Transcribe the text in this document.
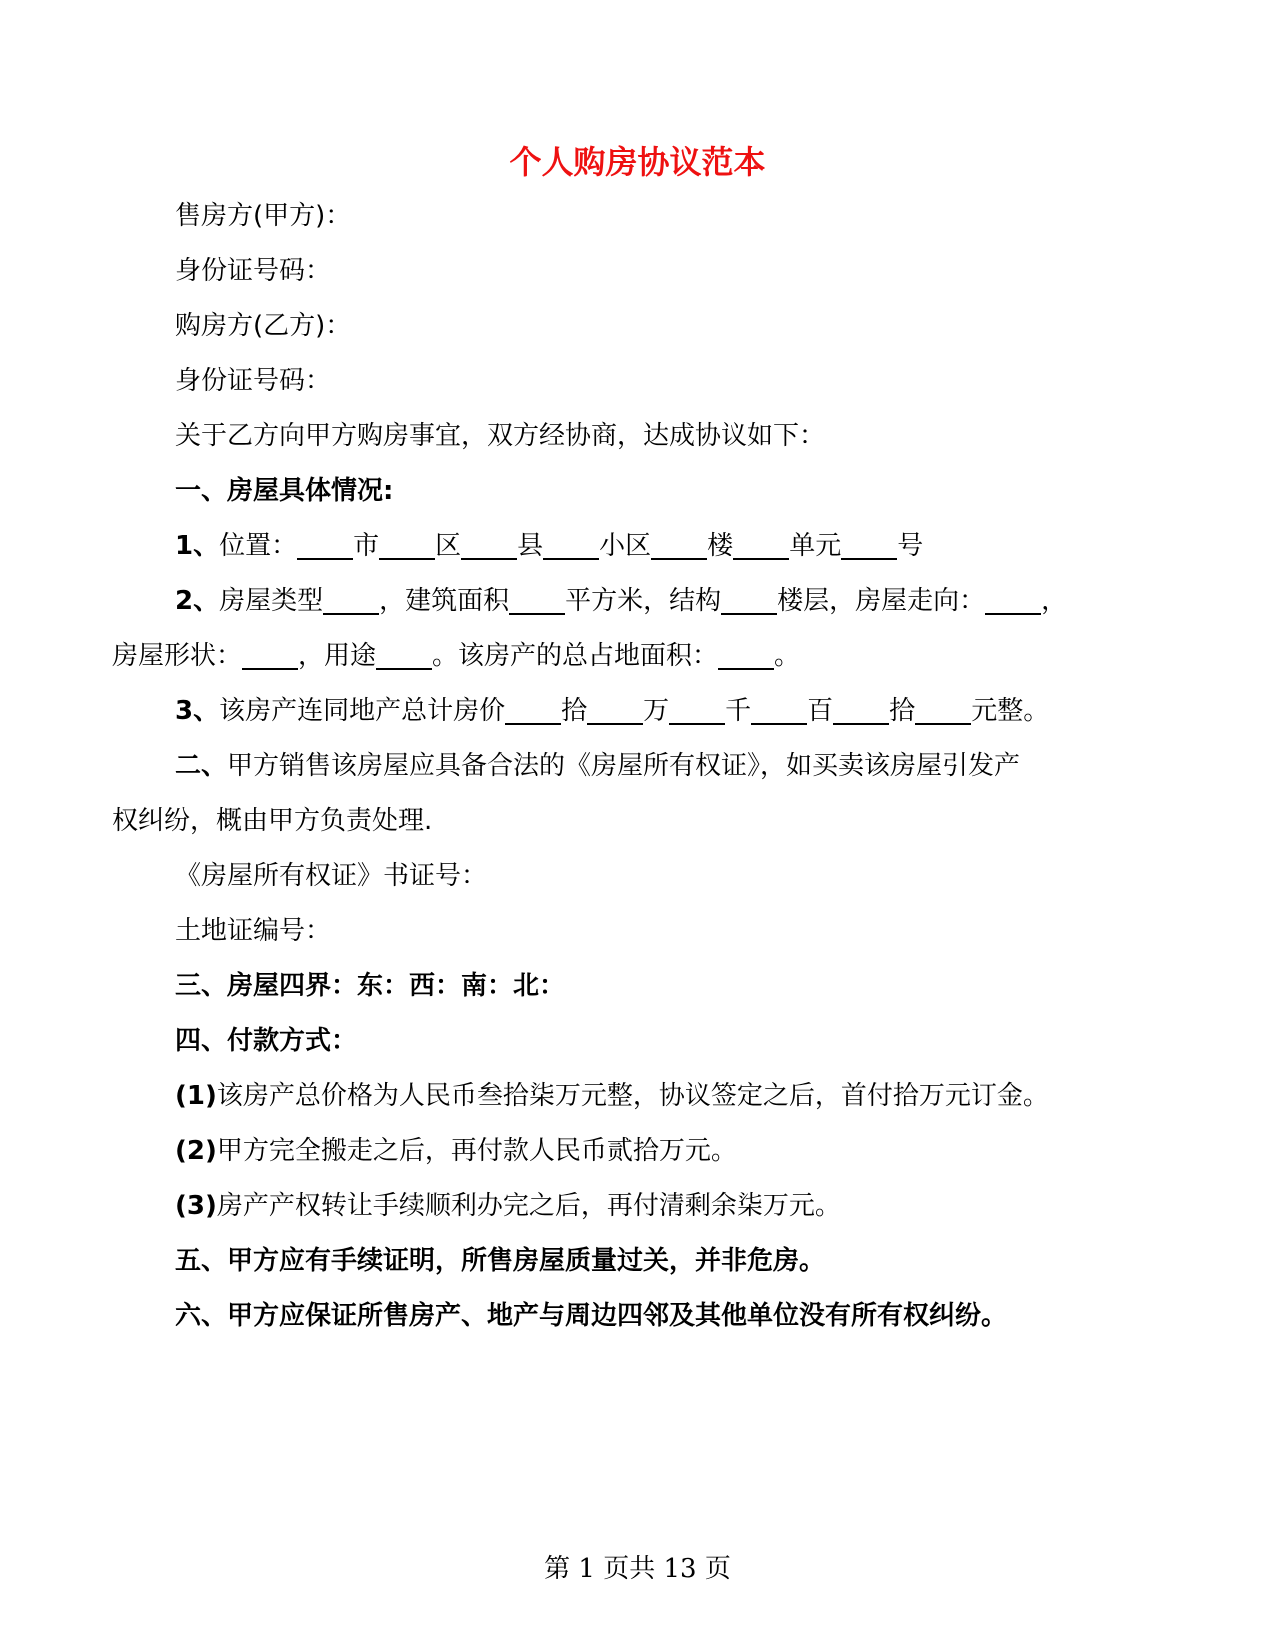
个人购房协议范本
售房方(甲方)：
身份证号码：
购房方(乙方)：
身份证号码：
关于乙方向甲方购房事宜，双方经协商，达成协议如下：
一、房屋具体情况:
1、位置： 市 区 县 小区 楼 单元 号
2、房屋类型 ，建筑面积 平方米，结构 楼层，房屋走向： ，
房屋形状： ，用途 。该房产的总占地面积： 。
3、该房产连同地产总计房价 拾 万 千 百 拾 元整。
二、甲方销售该房屋应具备合法的《房屋所有权证》，如买卖该房屋引发产
权纠纷，概由甲方负责处理.
《房屋所有权证》书证号：
土地证编号：
三、房屋四界：东：西：南：北：
四、付款方式：
(1)该房产总价格为人民币叁拾柒万元整，协议签定之后，首付拾万元订金。
(2)甲方完全搬走之后，再付款人民币贰拾万元。
(3)房产产权转让手续顺利办完之后，再付清剩余柒万元。
五、甲方应有手续证明，所售房屋质量过关，并非危房。
六、甲方应保证所售房产、地产与周边四邻及其他单位没有所有权纠纷。
第 1 页共 13 页
